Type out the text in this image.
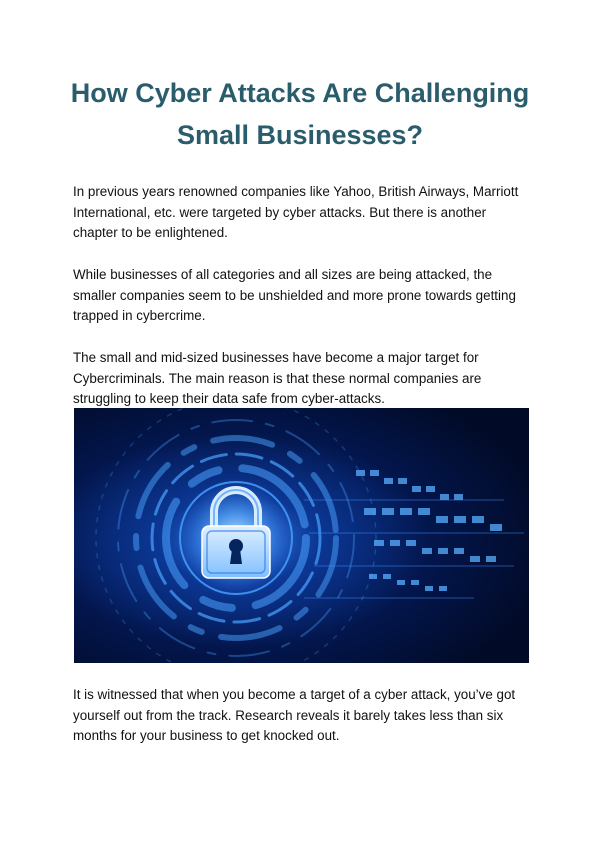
How Cyber Attacks Are Challenging Small Businesses?

In previous years renowned companies like Yahoo, British Airways, Marriott International, etc. were targeted by cyber attacks. But there is another chapter to be enlightened.

While businesses of all categories and all sizes are being attacked, the smaller companies seem to be unshielded and more prone towards getting trapped in cybercrime.

The small and mid-sized businesses have become a major target for Cybercriminals. The main reason is that these normal companies are struggling to keep their data safe from cyber-attacks.

It is witnessed that when you become a target of a cyber attack, you’ve got yourself out from the track. Research reveals it barely takes less than six months for your business to get knocked out.
